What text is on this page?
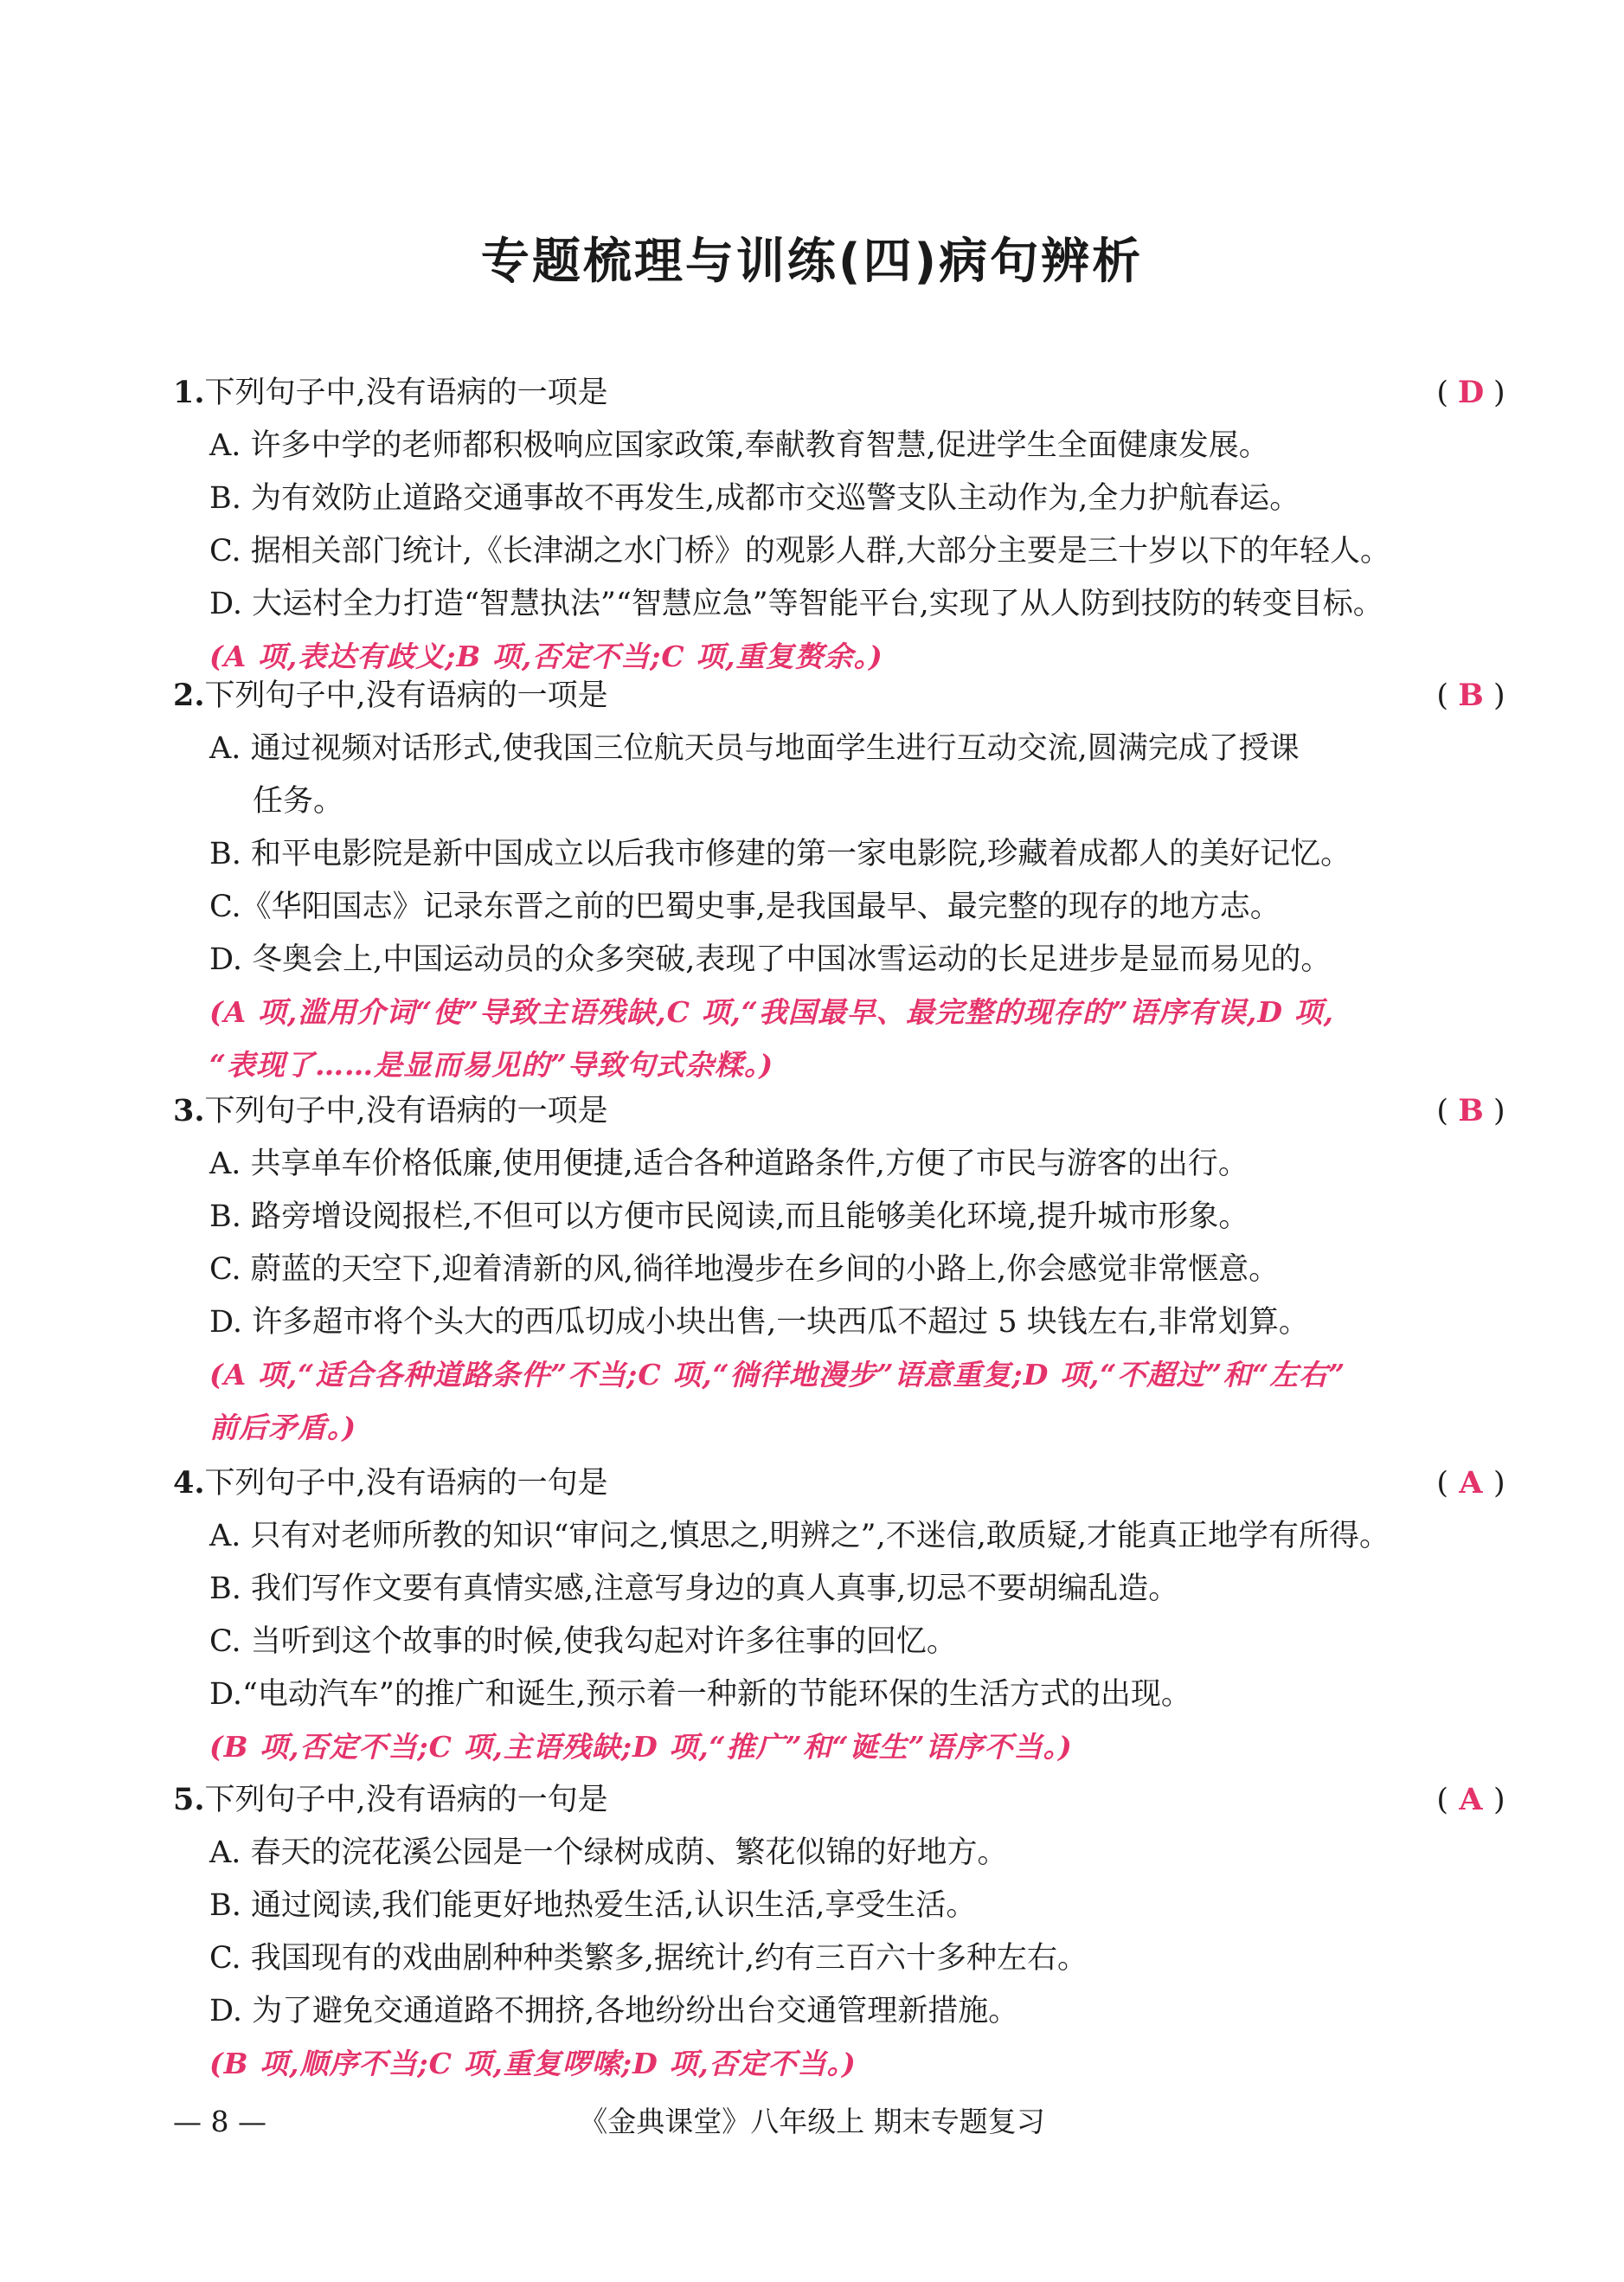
专题梳理与训练(四)病句辨析
1.下列句子中,没有语病的一项是	( D )
A. 许多中学的老师都积极响应国家政策,奉献教育智慧,促进学生全面健康发展。
B. 为有效防止道路交通事故不再发生,成都市交巡警支队主动作为,全力护航春运。
C. 据相关部门统计,《长津湖之水门桥》的观影人群,大部分主要是三十岁以下的年轻人。
D. 大运村全力打造“智慧执法”“智慧应急”等智能平台,实现了从人防到技防的转变目标。
(A 项,表达有歧义;B 项,否定不当;C 项,重复赘余。)
2.下列句子中,没有语病的一项是	( B )
A. 通过视频对话形式,使我国三位航天员与地面学生进行互动交流,圆满完成了授课
任务。
B. 和平电影院是新中国成立以后我市修建的第一家电影院,珍藏着成都人的美好记忆。
C.《华阳国志》记录东晋之前的巴蜀史事,是我国最早、最完整的现存的地方志。
D. 冬奥会上,中国运动员的众多突破,表现了中国冰雪运动的长足进步是显而易见的。
(A 项,滥用介词“使”导致主语残缺,C 项,“我国最早、最完整的现存的”语序有误,D 项,
“表现了……是显而易见的”导致句式杂糅。)
3.下列句子中,没有语病的一项是	( B )
A. 共享单车价格低廉,使用便捷,适合各种道路条件,方便了市民与游客的出行。
B. 路旁增设阅报栏,不但可以方便市民阅读,而且能够美化环境,提升城市形象。
C. 蔚蓝的天空下,迎着清新的风,徜徉地漫步在乡间的小路上,你会感觉非常惬意。
D. 许多超市将个头大的西瓜切成小块出售,一块西瓜不超过 5 块钱左右,非常划算。
(A 项,“适合各种道路条件”不当;C 项,“徜徉地漫步”语意重复;D 项,“不超过”和“左右”
前后矛盾。)
4.下列句子中,没有语病的一句是	( A )
A. 只有对老师所教的知识“审问之,慎思之,明辨之”,不迷信,敢质疑,才能真正地学有所得。
B. 我们写作文要有真情实感,注意写身边的真人真事,切忌不要胡编乱造。
C. 当听到这个故事的时候,使我勾起对许多往事的回忆。
D.“电动汽车”的推广和诞生,预示着一种新的节能环保的生活方式的出现。
(B 项,否定不当;C 项,主语残缺;D 项,“推广”和“诞生”语序不当。)
5.下列句子中,没有语病的一句是	( A )
A. 春天的浣花溪公园是一个绿树成荫、繁花似锦的好地方。
B. 通过阅读,我们能更好地热爱生活,认识生活,享受生活。
C. 我国现有的戏曲剧种种类繁多,据统计,约有三百六十多种左右。
D. 为了避免交通道路不拥挤,各地纷纷出台交通管理新措施。
(B 项,顺序不当;C 项,重复啰嗦;D 项,否定不当。)
— 8 —	《金典课堂》八年级上 期末专题复习
